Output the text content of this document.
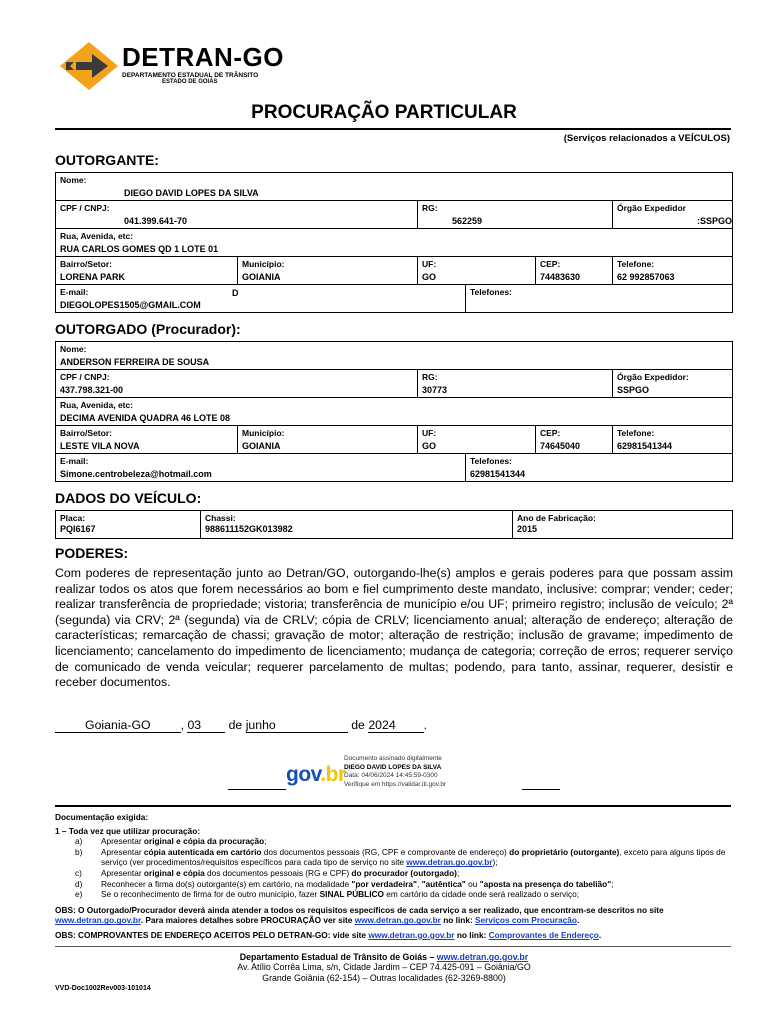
DETRAN-GO
DEPARTAMENTO ESTADUAL DE TRÂNSITO
ESTADO DE GOIÁS
PROCURAÇÃO PARTICULAR
(Serviços relacionados a VEÍCULOS)
OUTORGANTE:
Nome:
DIEGO DAVID LOPES DA SILVA					

CPF / CNPJ:
041.399.641-70		RG:
562259			Órgão Expedidor
:SSPGO

Rua, Avenida, etc:
RUA CARLOS GOMES QD 1 LOTE 01					

Bairro/Setor:
LORENA PARK	Município:
GOIANIA	UF:
GO		CEP:
74483630	Telefone:
62 992857063

E-mail: D
DIEGOLOPES1505@GMAIL.COM			Telefones:		
OUTORGADO (Procurador):
Nome:
ANDERSON FERREIRA DE SOUSA					

CPF / CNPJ:
437.798.321-00		RG:
30773			Órgão Expedidor:
SSPGO

Rua, Avenida, etc:
DECIMA AVENIDA QUADRA 46 LOTE 08					

Bairro/Setor:
LESTE VILA NOVA	Município:
GOIANIA	UF:
GO		CEP:
74645040	Telefone:
62981541344

E-mail:
Simone.centrobeleza@hotmail.com			Telefones:
62981541344		
DADOS DO VEÍCULO:
Placa:
PQI6167

Chassi:
988611152GK013982

Ano de Fabricação:
2015
PODERES:
Com poderes de representação junto ao Detran/GO, outorgando-lhe(s) amplos e gerais poderes para que possam assim realizar todos os atos que forem necessários ao bom e fiel cumprimento deste mandato, inclusive: comprar; vender; ceder; realizar transferência de propriedade; vistoria; transferência de município e/ou UF; primeiro registro; inclusão de veículo; 2ª (segunda) via CRV; 2ª (segunda) via de CRLV; cópia de CRLV; licenciamento anual; alteração de endereço; alteração de características; remarcação de chassi; gravação de motor; alteração de restrição; inclusão de gravame; impedimento de licenciamento; cancelamento do impedimento de licenciamento; mudança de categoria; correção de erros; requerer serviço de comunicado de venda veicular; requerer parcelamento de multas; podendo, para tanto, assinar, requerer, desistir e receber documentos.
Goiania-GO , 03 de junho	de 2024 .
gov.br
Documento assinado digitalmente
DIEGO DAVID LOPES DA SILVA
Data: 04/06/2024 14:45:59-0300
Verifique em https://validar.iti.gov.br
Documentação exigida:
1 – Toda vez que utilizar procuração:
a)	Apresentar original e cópia da procuração;
b)	Apresentar cópia autenticada em cartório dos documentos pessoais (RG, CPF e comprovante de endereço) do proprietário (outorgante), exceto para alguns tipos de serviço (ver procedimentos/requisitos específicos para cada tipo de serviço no site www.detran.go.gov.br);
c)	Apresentar original e cópia dos documentos pessoais (RG e CPF) do procurador (outorgado);
d)	Reconhecer a firma do(s) outorgante(s) em cartório, na modalidade "por verdadeira", "autêntica" ou "aposta na presença do tabelião";
e)	Se o reconhecimento de firma for de outro município, fazer SINAL PÚBLICO em cartório da cidade onde será realizado o serviço;
OBS: O Outorgado/Procurador deverá ainda atender a todos os requisitos específicos de cada serviço a ser realizado, que encontram-se descritos no site www.detran.go.gov.br. Para maiores detalhes sobre PROCURAÇÃO ver site www.detran.go.gov.br no link: Serviços com Procuração.
OBS: COMPROVANTES DE ENDEREÇO ACEITOS PELO DETRAN-GO: vide site www.detran.go.gov.br no link: Comprovantes de Endereço.
Departamento Estadual de Trânsito de Goiás – www.detran.go.gov.br
Av. Atílio Corrêa Lima, s/n, Cidade Jardim – CEP 74.425-091 – Goiânia/GO
Grande Goiânia (62-154) – Outras localidades (62-3269-8800)
VVD-Doc1002Rev003-101014
